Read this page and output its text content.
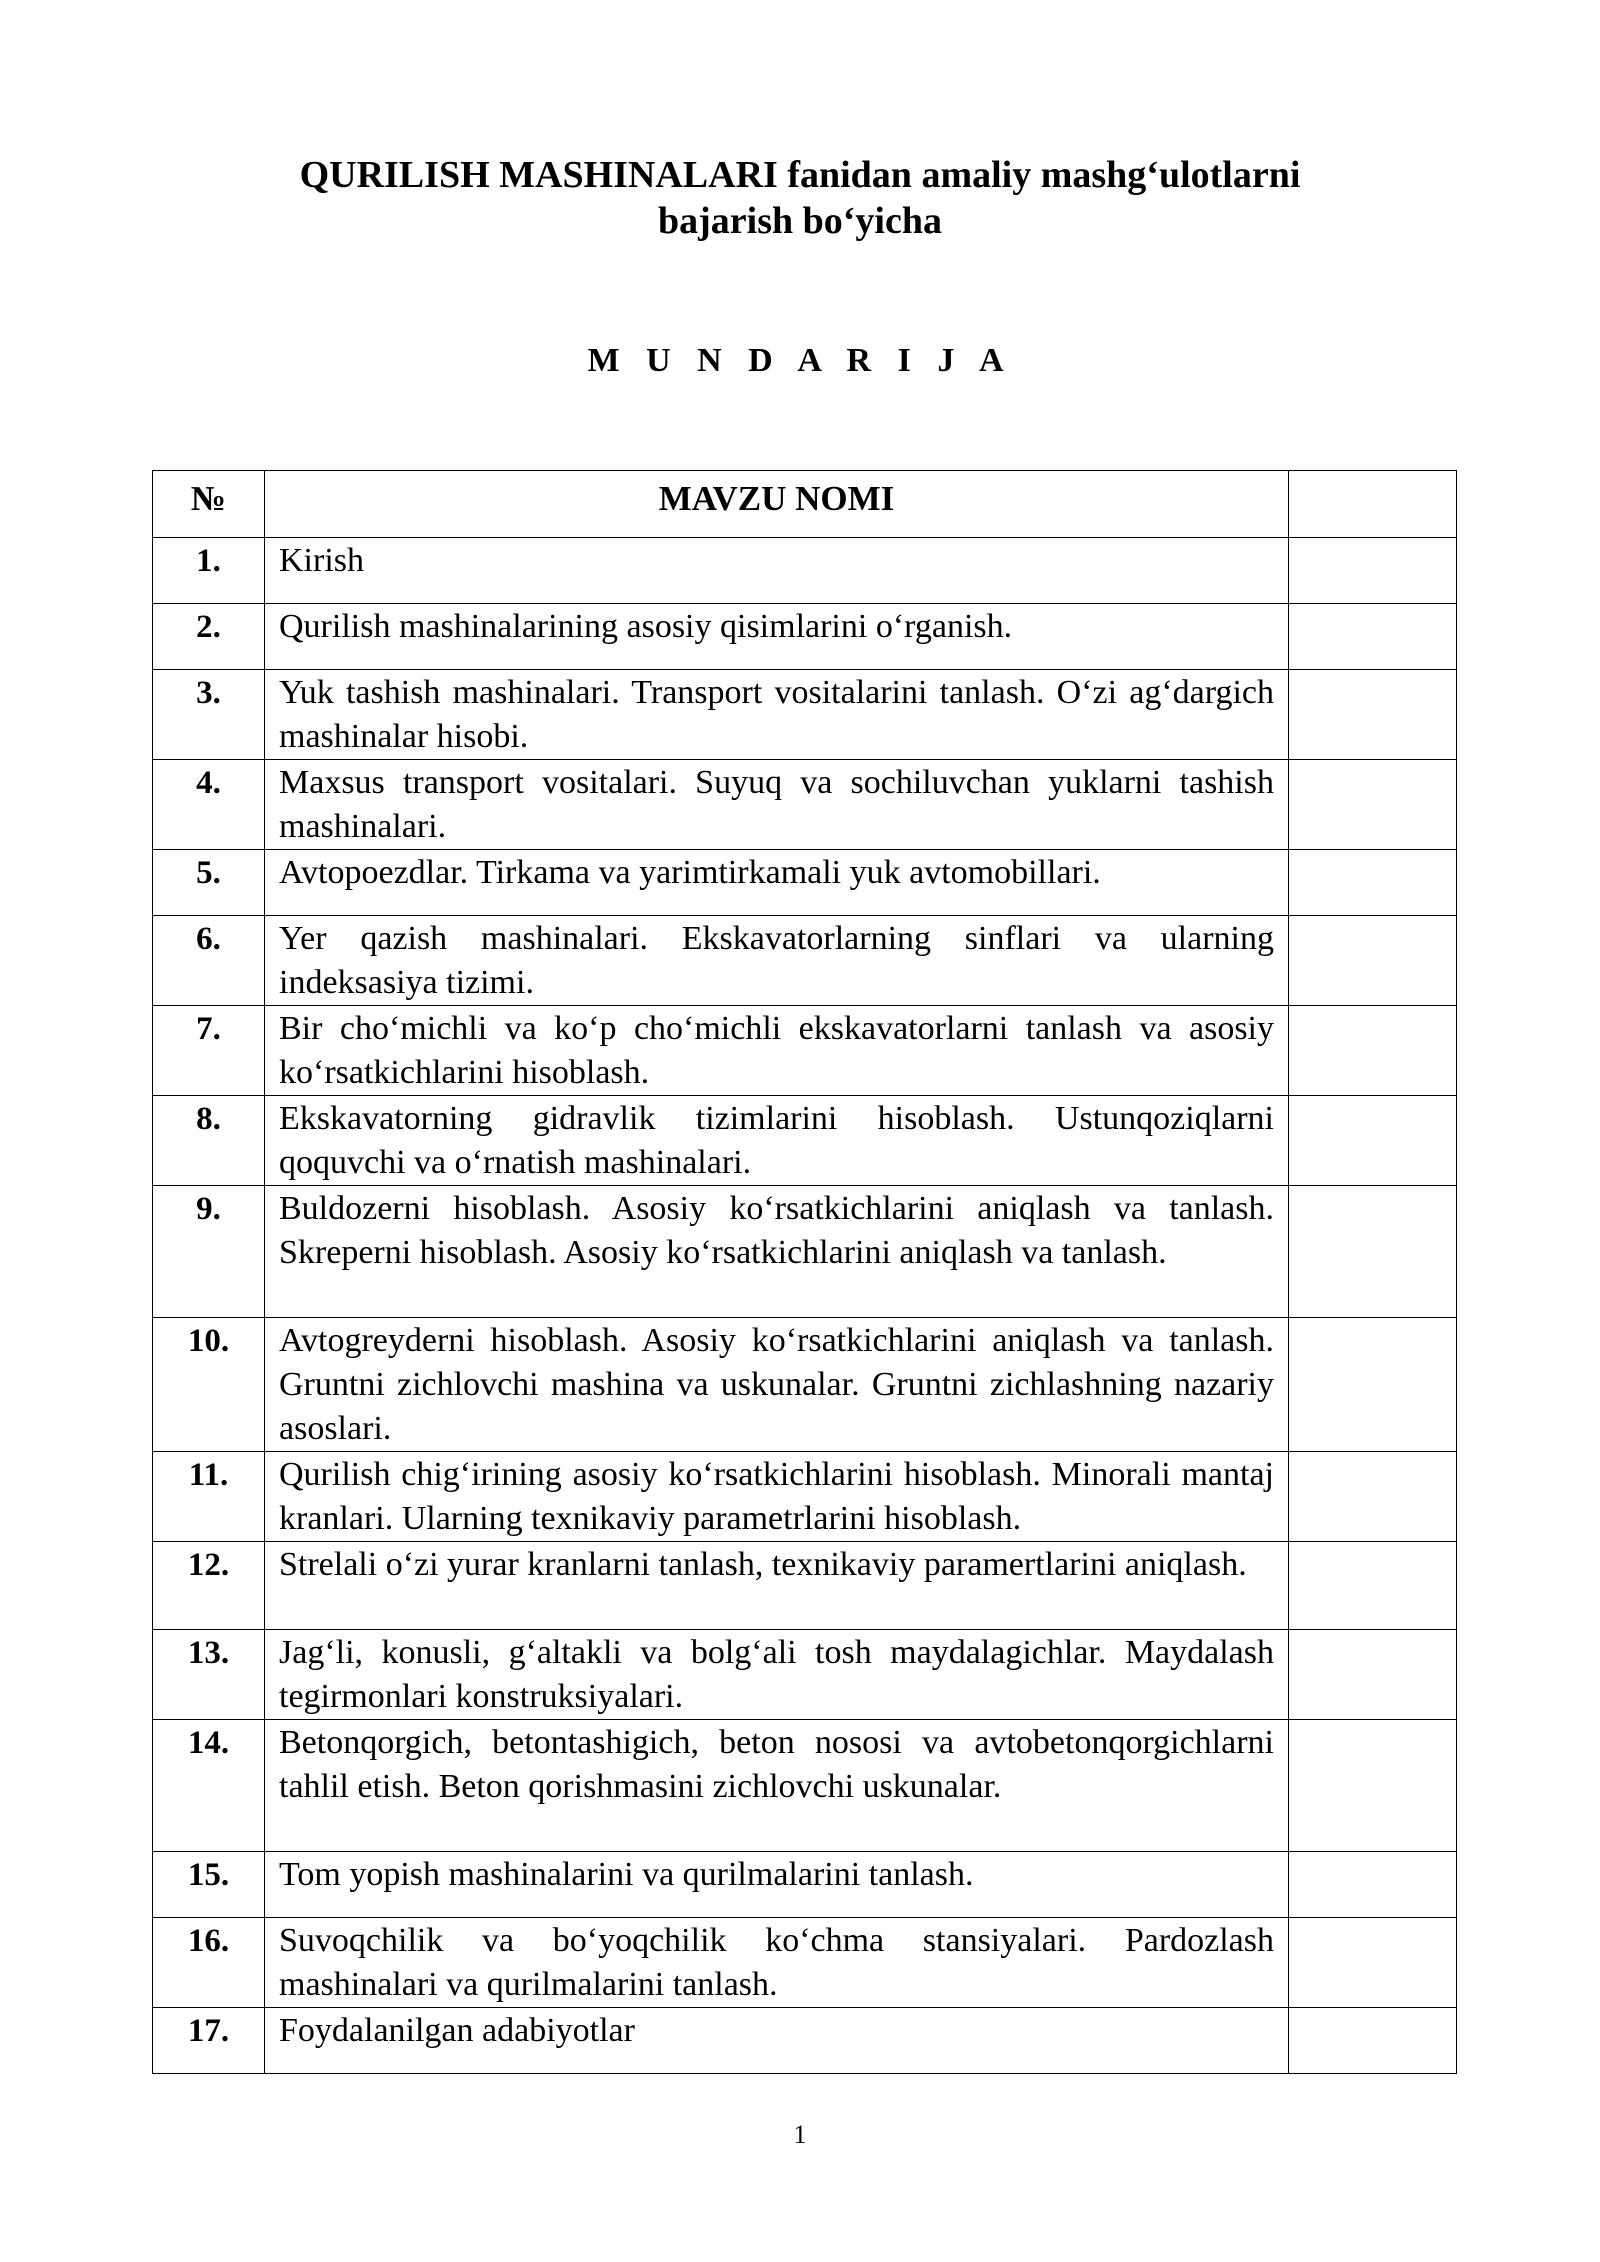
QURILISH MASHINALARI fanidan amaliy mashg‘ulotlarni
bajarish bo‘yicha
M U N D A R I J A
№	MAVZU NOMI	

1.	Kirish	

2.	Qurilish mashinalarining asosiy qisimlarini o‘rganish.	

3.	Yuk tashish mashinalari. Transport vositalarini tanlash. O‘zi ag‘dargich mashinalar hisobi.	

4.	Maxsus transport vositalari. Suyuq va sochiluvchan yuklarni tashish mashinalari.	

5.	Avtopoezdlar. Tirkama va yarimtirkamali yuk avtomobillari.	

6.	Yer qazish mashinalari. Ekskavatorlarning sinflari va ularning indeksasiya tizimi.	

7.	Bir cho‘michli va ko‘p cho‘michli ekskavatorlarni tanlash va asosiy ko‘rsatkichlarini hisoblash.	

8.	Ekskavatorning gidravlik tizimlarini hisoblash. Ustunqoziqlarni qoquvchi va o‘rnatish mashinalari.	

9.	Buldozerni hisoblash. Asosiy ko‘rsatkichlarini aniqlash va tanlash. Skreperni hisoblash. Asosiy ko‘rsatkichlarini aniqlash va tanlash.	

10.	Avtogreyderni hisoblash. Asosiy ko‘rsatkichlarini aniqlash va tanlash. Gruntni zichlovchi mashina va uskunalar. Gruntni zichlashning nazariy asoslari.	

11.	Qurilish chig‘irining asosiy ko‘rsatkichlarini hisoblash. Minorali mantaj kranlari. Ularning texnikaviy parametrlarini hisoblash.	

12.	Strelali o‘zi yurar kranlarni tanlash, texnikaviy paramertlarini aniqlash.	

13.	Jag‘li, konusli, g‘altakli va bolg‘ali tosh maydalagichlar. Maydalash tegirmonlari konstruksiyalari.	

14.	Betonqorgich, betontashigich, beton nososi va avtobetonqorgichlarni tahlil etish. Beton qorishmasini zichlovchi uskunalar.	

15.	Tom yopish mashinalarini va qurilmalarini tanlash.	

16.	Suvoqchilik va bo‘yoqchilik ko‘chma stansiyalari. Pardozlash mashinalari va qurilmalarini tanlash.	

17.	Foydalanilgan adabiyotlar	

1
